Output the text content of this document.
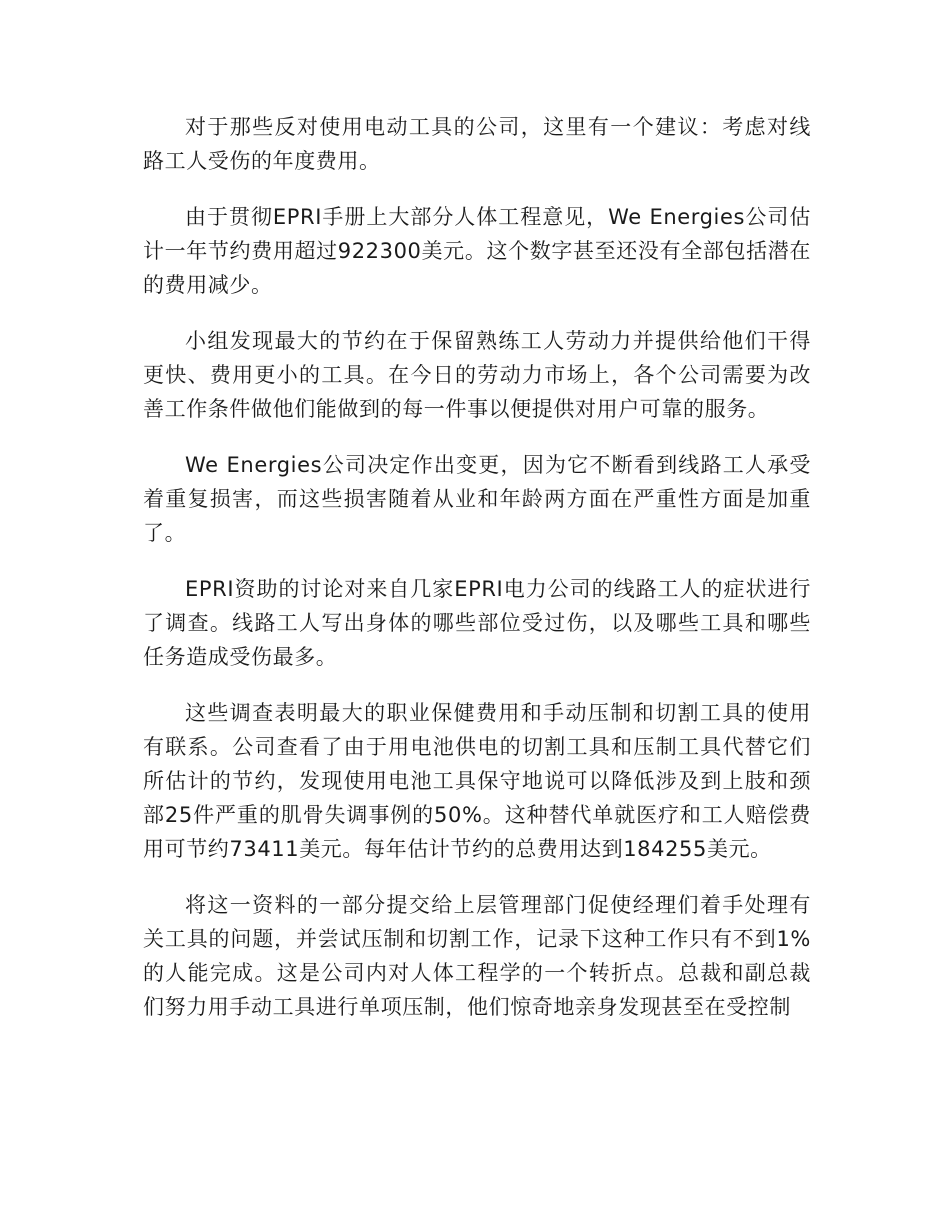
对于那些反对使用电动工具的公司，这里有一个建议：考虑对线路工人受伤的年度费用。

由于贯彻EPRI手册上大部分人体工程意见，We Energies公司估计一年节约费用超过922300美元。这个数字甚至还没有全部包括潜在的费用减少。

小组发现最大的节约在于保留熟练工人劳动力并提供给他们干得更快、费用更小的工具。在今日的劳动力市场上，各个公司需要为改善工作条件做他们能做到的每一件事以便提供对用户可靠的服务。

We Energies公司决定作出变更，因为它不断看到线路工人承受着重复损害，而这些损害随着从业和年龄两方面在严重性方面是加重了。

EPRI资助的讨论对来自几家EPRI电力公司的线路工人的症状进行了调查。线路工人写出身体的哪些部位受过伤，以及哪些工具和哪些任务造成受伤最多。

这些调查表明最大的职业保健费用和手动压制和切割工具的使用有联系。公司查看了由于用电池供电的切割工具和压制工具代替它们所估计的节约，发现使用电池工具保守地说可以降低涉及到上肢和颈部25件严重的肌骨失调事例的50%。这种替代单就医疗和工人赔偿费用可节约73411美元。每年估计节约的总费用达到184255美元。

将这一资料的一部分提交给上层管理部门促使经理们着手处理有关工具的问题，并尝试压制和切割工作，记录下这种工作只有不到1%的人能完成。这是公司内对人体工程学的一个转折点。总裁和副总裁们努力用手动工具进行单项压制，他们惊奇地亲身发现甚至在受控制
